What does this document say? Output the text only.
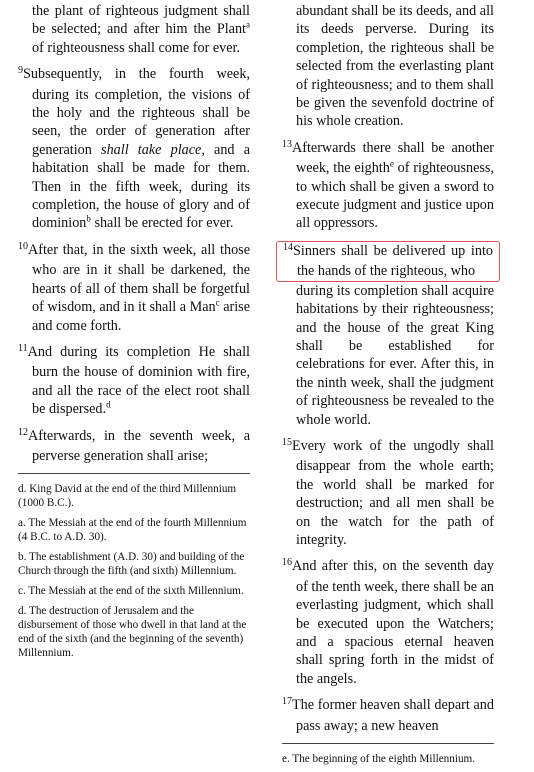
the plant of righteous judgment shall be selected; and after him the Plant$^a$ of righteousness shall come for ever.

$^9$Subsequently, in the fourth week, during its completion, the visions of the holy and the righteous shall be seen, the order of generation after generation shall take place, and a habitation shall be made for them. Then in the fifth week, during its completion, the house of glory and of dominion$^b$ shall be erected for ever.

$^{10}$After that, in the sixth week, all those who are in it shall be darkened, the hearts of all of them shall be forgetful of wisdom, and in it shall a Man$^c$ arise and come forth.

$^{11}$And during its completion He shall burn the house of dominion with fire, and all the race of the elect root shall be dispersed.$^d$

$^{12}$Afterwards, in the seventh week, a perverse generation shall arise;

d. King David at the end of the third Millennium (1000 B.C.).

a. The Messiah at the end of the fourth Millennium (4 B.C. to A.D. 30).

b. The establishment (A.D. 30) and building of the Church through the fifth (and sixth) Millennium.

c. The Messiah at the end of the sixth Millennium.

d. The destruction of Jerusalem and the disbursement of those who dwell in that land at the end of the sixth (and the beginning of the seventh) Millennium.

abundant shall be its deeds, and all its deeds perverse. During its completion, the righteous shall be selected from the everlasting plant of righteousness; and to them shall be given the sevenfold doctrine of his whole creation.

$^{13}$Afterwards there shall be another week, the eighth$^e$ of righteousness, to which shall be given a sword to execute judgment and justice upon all oppressors.

$^{14}$Sinners shall be delivered up into the hands of the righteous, who

during its completion shall acquire habitations by their righteousness; and the house of the great King shall be established for celebrations for ever. After this, in the ninth week, shall the judgment of righteousness be revealed to the whole world.

$^{15}$Every work of the ungodly shall disappear from the whole earth; the world shall be marked for destruction; and all men shall be on the watch for the path of integrity.

$^{16}$And after this, on the seventh day of the tenth week, there shall be an everlasting judgment, which shall be executed upon the Watchers; and a spacious eternal heaven shall spring forth in the midst of the angels.

$^{17}$The former heaven shall depart and pass away; a new heaven

e. The beginning of the eighth Millennium.
